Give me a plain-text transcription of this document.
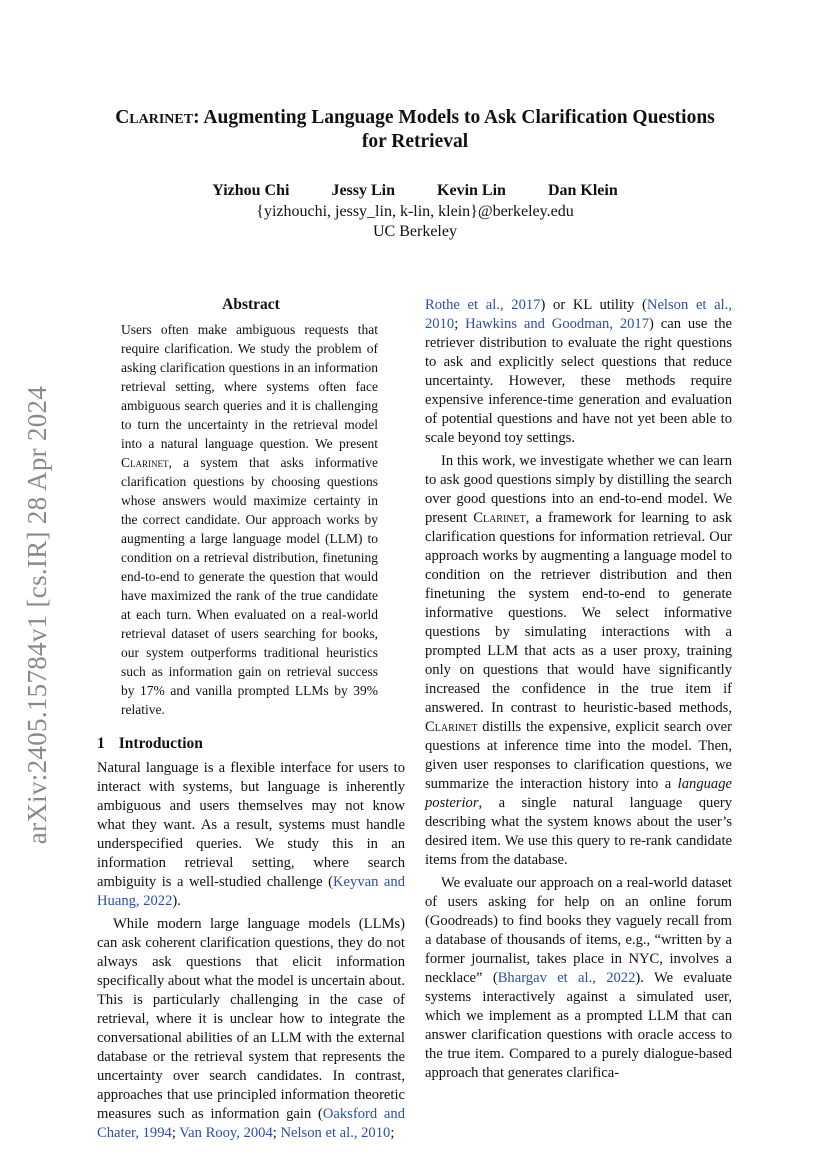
arXiv:2405.15784v1 [cs.IR] 28 Apr 2024
Clarinet: Augmenting Language Models to Ask Clarification Questions
for Retrieval
Yizhou Chi	Jessy Lin	Kevin Lin	Dan Klein
{yizhouchi, jessy_lin, k-lin, klein}@berkeley.edu
UC Berkeley
Abstract
Users often make ambiguous requests that require clarification. We study the problem of asking clarification questions in an information retrieval setting, where systems often face ambiguous search queries and it is challenging to turn the uncertainty in the retrieval model into a natural language question. We present Clarinet, a system that asks informative clarification questions by choosing questions whose answers would maximize certainty in the correct candidate. Our approach works by augmenting a large language model (LLM) to condition on a retrieval distribution, finetuning end-to-end to generate the question that would have maximized the rank of the true candidate at each turn. When evaluated on a real-world retrieval dataset of users searching for books, our system outperforms traditional heuristics such as information gain on retrieval success by 17% and vanilla prompted LLMs by 39% relative.
1 Introduction

Natural language is a flexible interface for users to interact with systems, but language is inherently ambiguous and users themselves may not know what they want. As a result, systems must handle underspecified queries. We study this in an information retrieval setting, where search ambiguity is a well-studied challenge (Keyvan and Huang, 2022).

While modern large language models (LLMs) can ask coherent clarification questions, they do not always ask questions that elicit information specifically about what the model is uncertain about. This is particularly challenging in the case of retrieval, where it is unclear how to integrate the conversational abilities of an LLM with the external database or the retrieval system that represents the uncertainty over search candidates. In contrast, approaches that use principled information theoretic measures such as information gain (Oaksford and Chater, 1994; Van Rooy, 2004; Nelson et al., 2010;

Rothe et al., 2017) or KL utility (Nelson et al., 2010; Hawkins and Goodman, 2017) can use the retriever distribution to evaluate the right questions to ask and explicitly select questions that reduce uncertainty. However, these methods require expensive inference-time generation and evaluation of potential questions and have not yet been able to scale beyond toy settings.

In this work, we investigate whether we can learn to ask good questions simply by distilling the search over good questions into an end-to-end model. We present Clarinet, a framework for learning to ask clarification questions for information retrieval. Our approach works by augmenting a language model to condition on the retriever distribution and then finetuning the system end-to-end to generate informative questions. We select informative questions by simulating interactions with a prompted LLM that acts as a user proxy, training only on questions that would have significantly increased the confidence in the true item if answered. In contrast to heuristic-based methods, Clarinet distills the expensive, explicit search over questions at inference time into the model. Then, given user responses to clarification questions, we summarize the interaction history into a language posterior, a single natural language query describing what the system knows about the user’s desired item. We use this query to re-rank candidate items from the database.

We evaluate our approach on a real-world dataset of users asking for help on an online forum (Goodreads) to find books they vaguely recall from a database of thousands of items, e.g., “written by a former journalist, takes place in NYC, involves a necklace” (Bhargav et al., 2022). We evaluate systems interactively against a simulated user, which we implement as a prompted LLM that can answer clarification questions with oracle access to the true item. Compared to a purely dialogue-based approach that generates clarifica-
